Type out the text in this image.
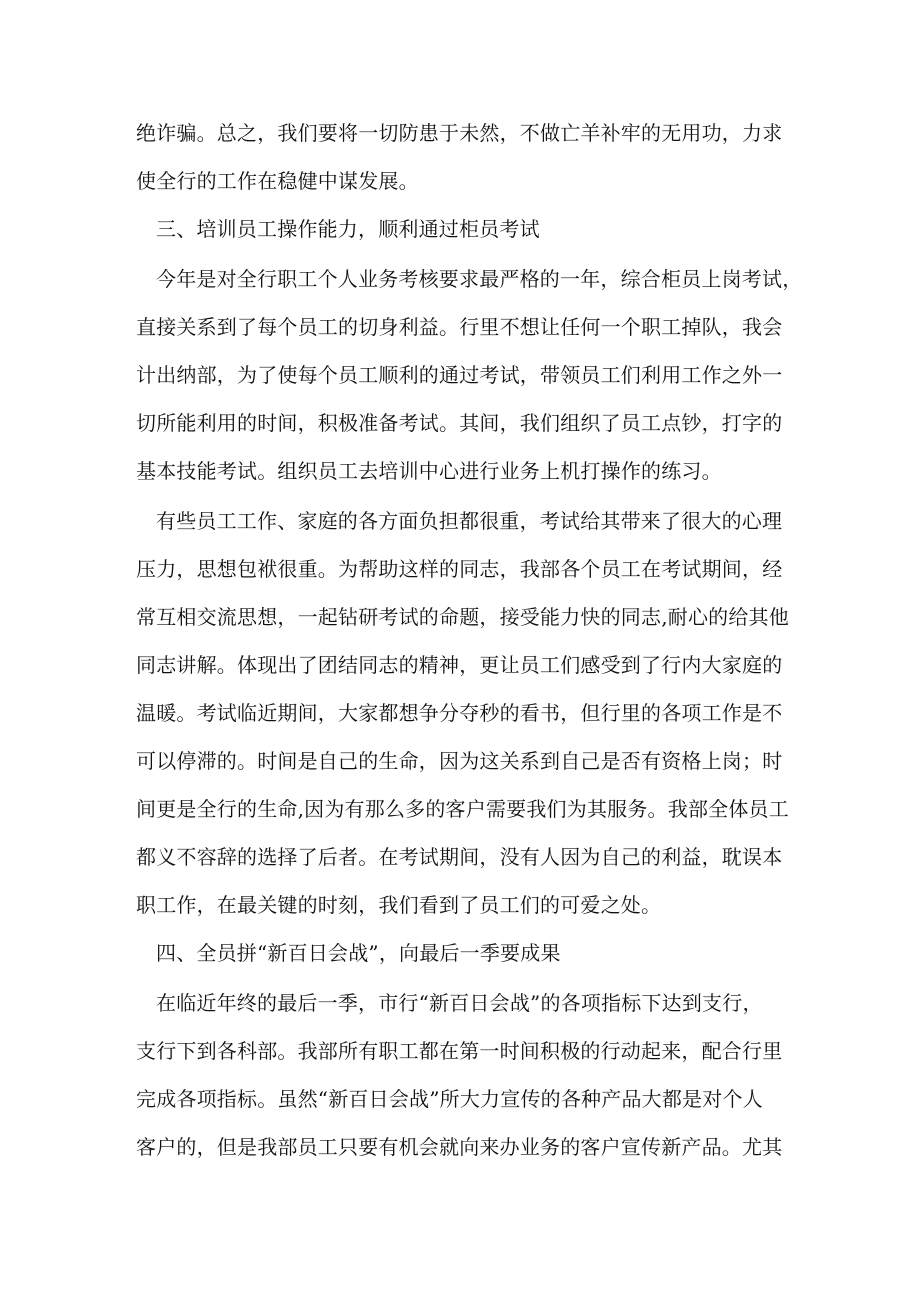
绝诈骗。总之，我们要将一切防患于未然，不做亡羊补牢的无用功，力求
使全行的工作在稳健中谋发展。
三、培训员工操作能力，顺利通过柜员考试
今年是对全行职工个人业务考核要求最严格的一年，综合柜员上岗考试，
直接关系到了每个员工的切身利益。行里不想让任何一个职工掉队，我会
计出纳部，为了使每个员工顺利的通过考试，带领员工们利用工作之外一
切所能利用的时间，积极准备考试。其间，我们组织了员工点钞，打字的
基本技能考试。组织员工去培训中心进行业务上机打操作的练习。
有些员工工作、家庭的各方面负担都很重，考试给其带来了很大的心理
压力，思想包袱很重。为帮助这样的同志，我部各个员工在考试期间，经
常互相交流思想，一起钻研考试的命题，接受能力快的同志,耐心的给其他
同志讲解。体现出了团结同志的精神，更让员工们感受到了行内大家庭的
温暖。考试临近期间，大家都想争分夺秒的看书，但行里的各项工作是不
可以停滞的。时间是自己的生命，因为这关系到自己是否有资格上岗；时
间更是全行的生命,因为有那么多的客户需要我们为其服务。我部全体员工
都义不容辞的选择了后者。在考试期间，没有人因为自己的利益，耽误本
职工作，在最关键的时刻，我们看到了员工们的可爱之处。
四、全员拼“新百日会战”，向最后一季要成果
在临近年终的最后一季，市行“新百日会战”的各项指标下达到支行，
支行下到各科部。我部所有职工都在第一时间积极的行动起来，配合行里
完成各项指标。虽然“新百日会战”所大力宣传的各种产品大都是对个人
客户的，但是我部员工只要有机会就向来办业务的客户宣传新产品。尤其
